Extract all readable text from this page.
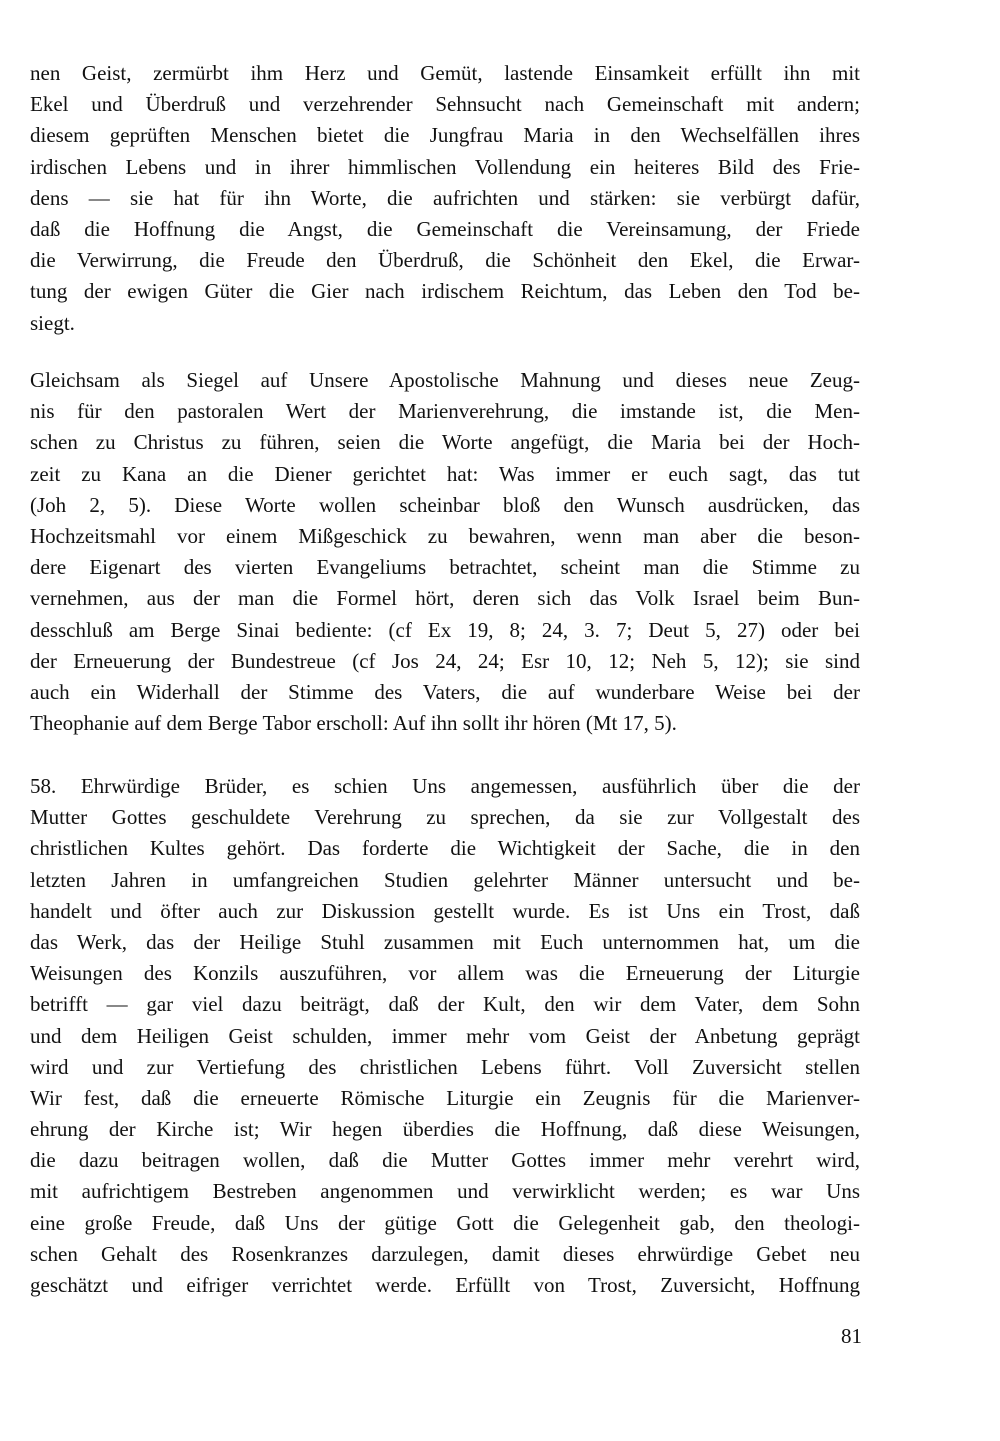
nen Geist, zermürbt ihm Herz und Gemüt, lastende Einsamkeit erfüllt ihn mit
Ekel und Überdruß und verzehrender Sehnsucht nach Gemeinschaft mit andern;
diesem geprüften Menschen bietet die Jungfrau Maria in den Wechselfällen ihres
irdischen Lebens und in ihrer himmlischen Vollendung ein heiteres Bild des Frie-
dens — sie hat für ihn Worte, die aufrichten und stärken: sie verbürgt dafür,
daß die Hoffnung die Angst, die Gemeinschaft die Vereinsamung, der Friede
die Verwirrung, die Freude den Überdruß, die Schönheit den Ekel, die Erwar-
tung der ewigen Güter die Gier nach irdischem Reichtum, das Leben den Tod be-
siegt.
Gleichsam als Siegel auf Unsere Apostolische Mahnung und dieses neue Zeug-
nis für den pastoralen Wert der Marienverehrung, die imstande ist, die Men-
schen zu Christus zu führen, seien die Worte angefügt, die Maria bei der Hoch-
zeit zu Kana an die Diener gerichtet hat: Was immer er euch sagt, das tut
(Joh 2, 5). Diese Worte wollen scheinbar bloß den Wunsch ausdrücken, das
Hochzeitsmahl vor einem Mißgeschick zu bewahren, wenn man aber die beson-
dere Eigenart des vierten Evangeliums betrachtet, scheint man die Stimme zu
vernehmen, aus der man die Formel hört, deren sich das Volk Israel beim Bun-
desschluß am Berge Sinai bediente: (cf Ex 19, 8; 24, 3. 7; Deut 5, 27) oder bei
der Erneuerung der Bundestreue (cf Jos 24, 24; Esr 10, 12; Neh 5, 12); sie sind
auch ein Widerhall der Stimme des Vaters, die auf wunderbare Weise bei der
Theophanie auf dem Berge Tabor erscholl: Auf ihn sollt ihr hören (Mt 17, 5).
58. Ehrwürdige Brüder, es schien Uns angemessen, ausführlich über die der
Mutter Gottes geschuldete Verehrung zu sprechen, da sie zur Vollgestalt des
christlichen Kultes gehört. Das forderte die Wichtigkeit der Sache, die in den
letzten Jahren in umfangreichen Studien gelehrter Männer untersucht und be-
handelt und öfter auch zur Diskussion gestellt wurde. Es ist Uns ein Trost, daß
das Werk, das der Heilige Stuhl zusammen mit Euch unternommen hat, um die
Weisungen des Konzils auszuführen, vor allem was die Erneuerung der Liturgie
betrifft — gar viel dazu beiträgt, daß der Kult, den wir dem Vater, dem Sohn
und dem Heiligen Geist schulden, immer mehr vom Geist der Anbetung geprägt
wird und zur Vertiefung des christlichen Lebens führt. Voll Zuversicht stellen
Wir fest, daß die erneuerte Römische Liturgie ein Zeugnis für die Marienver-
ehrung der Kirche ist; Wir hegen überdies die Hoffnung, daß diese Weisungen,
die dazu beitragen wollen, daß die Mutter Gottes immer mehr verehrt wird,
mit aufrichtigem Bestreben angenommen und verwirklicht werden; es war Uns
eine große Freude, daß Uns der gütige Gott die Gelegenheit gab, den theologi-
schen Gehalt des Rosenkranzes darzulegen, damit dieses ehrwürdige Gebet neu
geschätzt und eifriger verrichtet werde. Erfüllt von Trost, Zuversicht, Hoffnung
81
